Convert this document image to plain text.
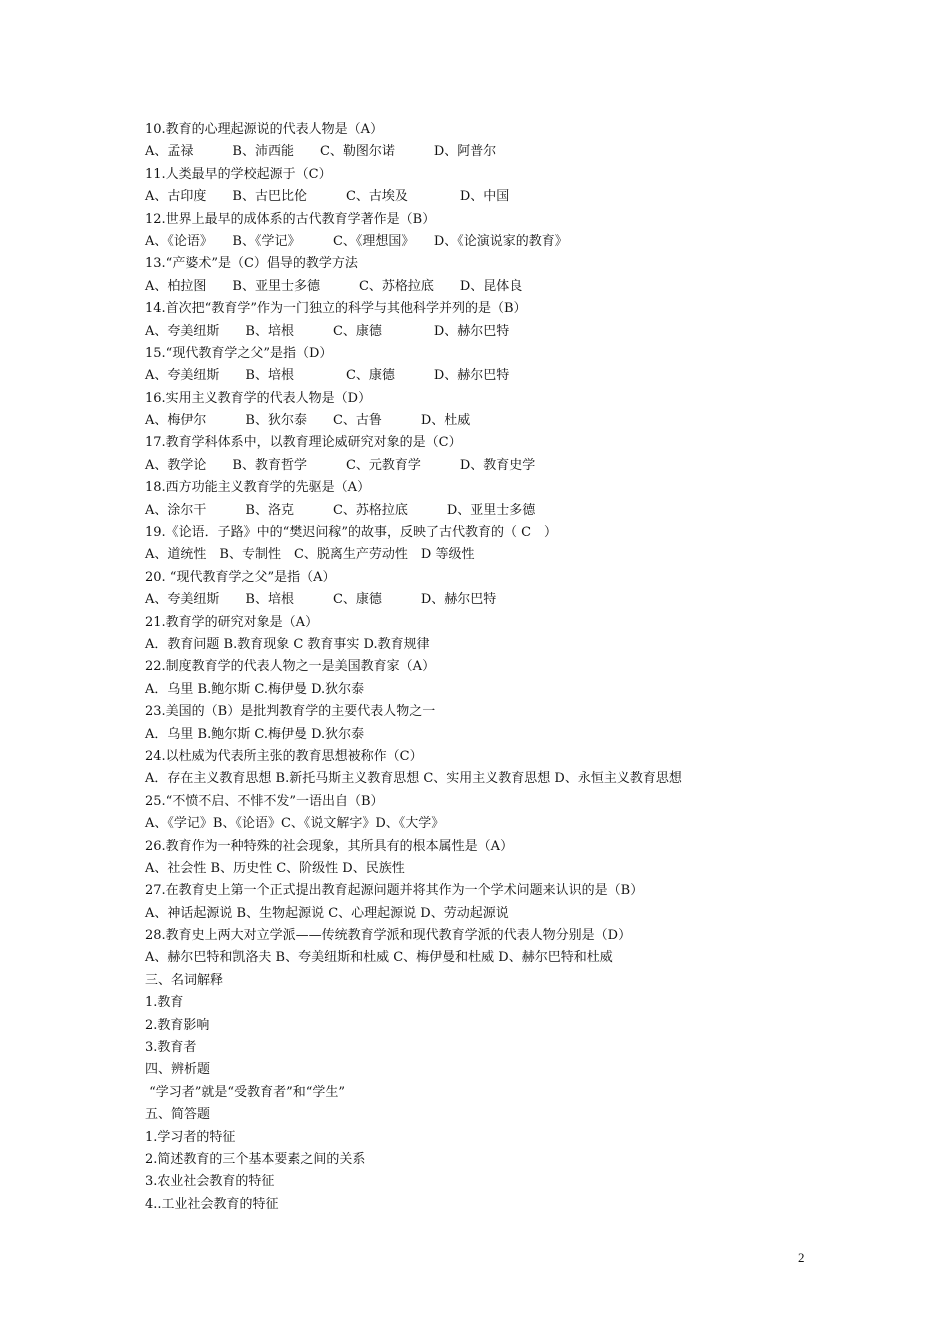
10.教育的心理起源说的代表人物是（A）
A、孟禄　　　B、沛西能　　C、勒图尔诺　　　D、阿普尔
11.人类最早的学校起源于（C）
A、古印度　　B、古巴比伦　　　C、古埃及　　　　D、中国
12.世界上最早的成体系的古代教育学著作是（B）
A、《论语》　　B、《学记》　　　C、《理想国》　　D、《论演说家的教育》
13.“产婆术”是（C）倡导的教学方法
A、柏拉图　　B、亚里士多德　　　C、苏格拉底　　D、昆体良
14.首次把“教育学”作为一门独立的科学与其他科学并列的是（B）
A、夸美纽斯　　B、培根　　　C、康德　　　　D、赫尔巴特
15.“现代教育学之父”是指（D）
A、夸美纽斯　　B、培根　　　　C、康德　　　D、赫尔巴特
16.实用主义教育学的代表人物是（D）
A、梅伊尔　　　B、狄尔泰　　C、古鲁　　　D、杜威
17.教育学科体系中，以教育理论威研究对象的是（C）
A、教学论　　B、教育哲学　　　C、元教育学　　　D、教育史学
18.西方功能主义教育学的先驱是（A）
A、涂尔干　　　B、洛克　　　C、苏格拉底　　　D、亚里士多德
19.《论语．子路》中的“樊迟问稼”的故事，反映了古代教育的（ C　）
A、道统性　B、专制性　C、脱离生产劳动性　D 等级性
20. “现代教育学之父”是指（A）
A、夸美纽斯　　B、培根　　　C、康德　　　D、赫尔巴特
21.教育学的研究对象是（A）
A．教育问题 B.教育现象 C 教育事实 D.教育规律
22.制度教育学的代表人物之一是美国教育家（A）
A．乌里 B.鲍尔斯 C.梅伊曼 D.狄尔泰
23.美国的（B）是批判教育学的主要代表人物之一
A．乌里 B.鲍尔斯 C.梅伊曼 D.狄尔泰
24.以杜威为代表所主张的教育思想被称作（C）
A．存在主义教育思想 B.新托马斯主义教育思想 C、实用主义教育思想 D、永恒主义教育思想
25.“不愤不启、不悱不发”一语出自（B）
A、《学记》B、《论语》C、《说文解字》D、《大学》
26.教育作为一种特殊的社会现象，其所具有的根本属性是（A）
A、社会性 B、历史性 C、阶级性 D、民族性
27.在教育史上第一个正式提出教育起源问题并将其作为一个学术问题来认识的是（B）
A、神话起源说 B、生物起源说 C、心理起源说 D、劳动起源说
28.教育史上两大对立学派——传统教育学派和现代教育学派的代表人物分别是（D）
A、赫尔巴特和凯洛夫 B、夸美纽斯和杜威 C、梅伊曼和杜威 D、赫尔巴特和杜威
三、名词解释
1.教育
2.教育影响
3.教育者
四、辨析题
“学习者”就是“受教育者”和“学生”
五、简答题
1.学习者的特征
2.简述教育的三个基本要素之间的关系
3.农业社会教育的特征
4..工业社会教育的特征
2
